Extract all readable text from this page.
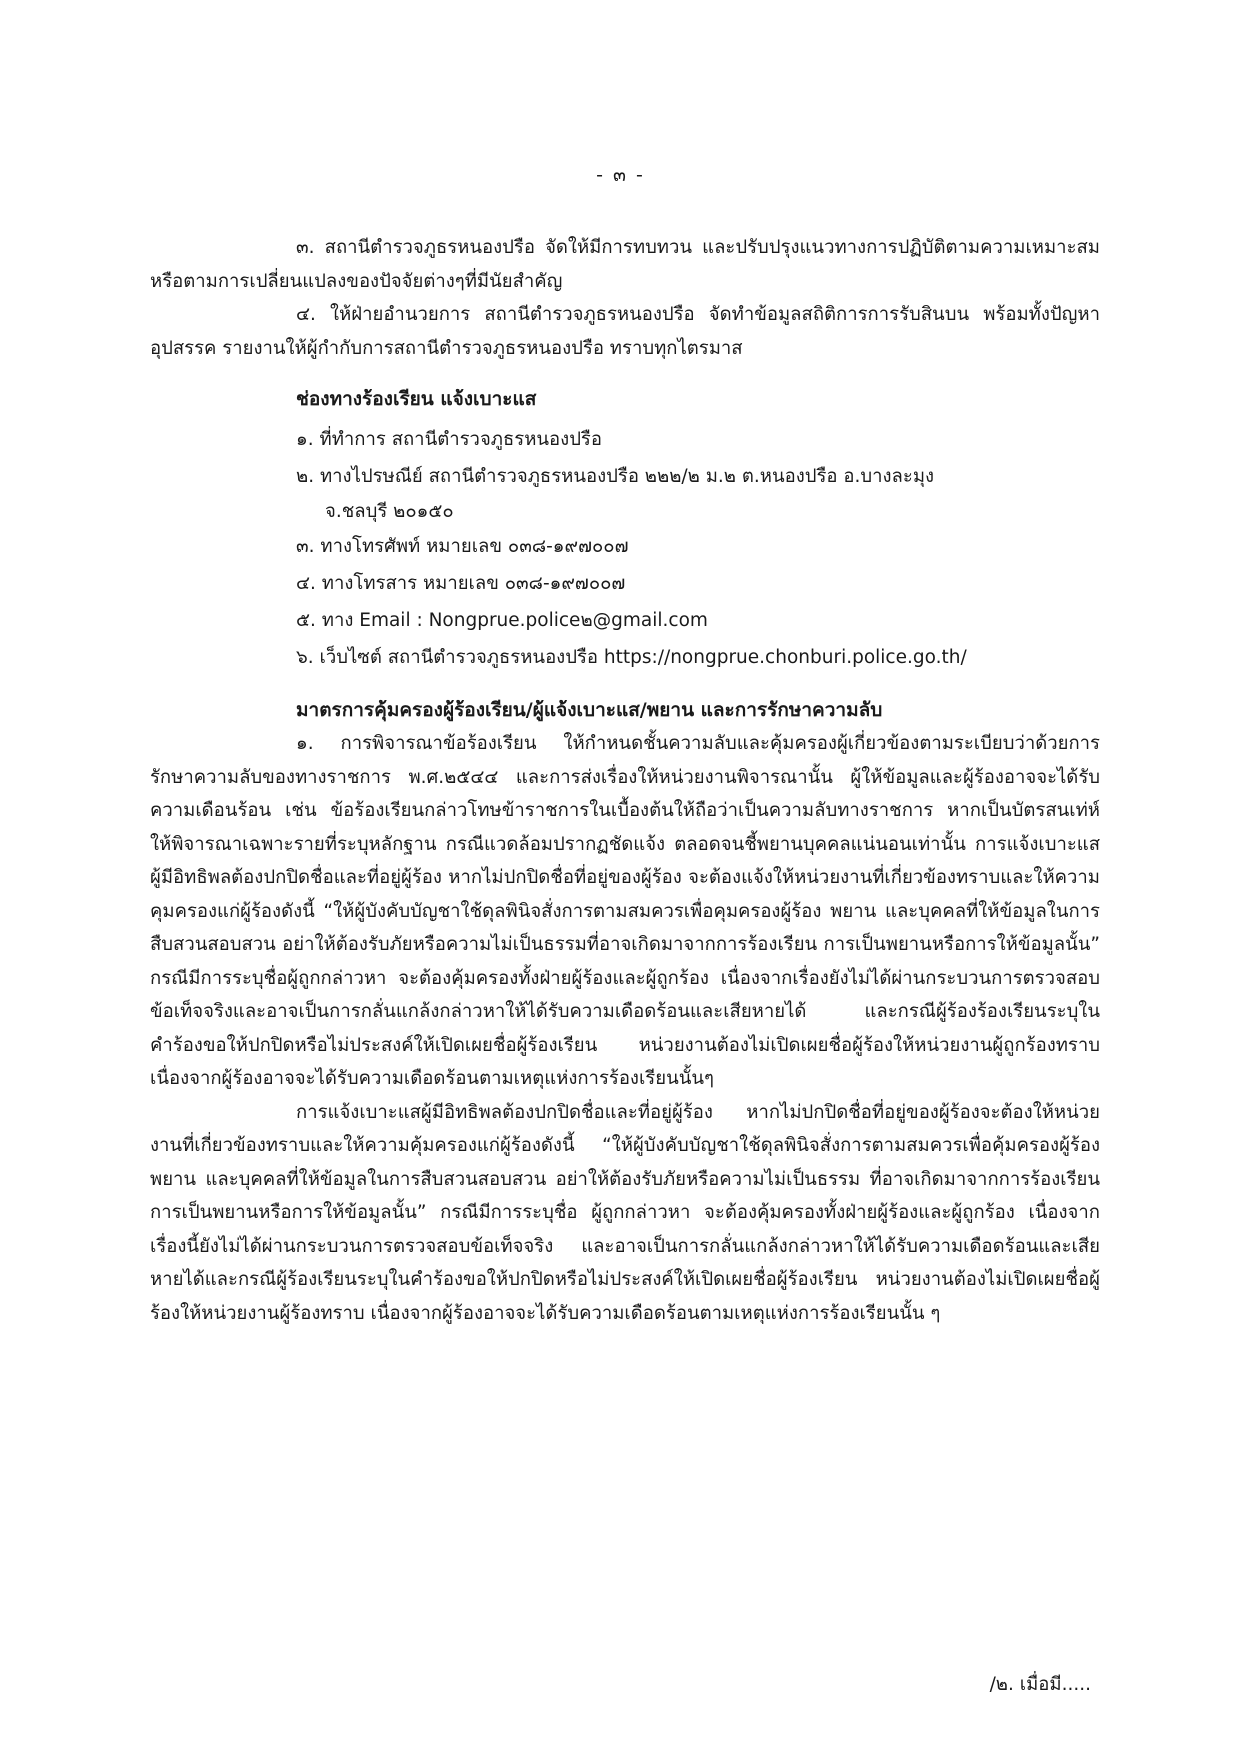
- ๓ -

๓. สถานีตำรวจภูธรหนองปรือ จัดให้มีการทบทวน และปรับปรุงแนวทางการปฏิบัติตามความเหมาะสมหรือตามการเปลี่ยนแปลงของปัจจัยต่างๆที่มีนัยสำคัญ

๔. ให้ฝ่ายอำนวยการ สถานีตำรวจภูธรหนองปรือ จัดทำข้อมูลสถิติการการรับสินบน พร้อมทั้งปัญหา อุปสรรค รายงานให้ผู้กำกับการสถานีตำรวจภูธรหนองปรือ ทราบทุกไตรมาส

ช่องทางร้องเรียน แจ้งเบาะแส

๑. ที่ทำการ สถานีตำรวจภูธรหนองปรือ
๒. ทางไปรษณีย์ สถานีตำรวจภูธรหนองปรือ ๒๒๒/๒ ม.๒ ต.หนองปรือ อ.บางละมุง
จ.ชลบุรี ๒๐๑๕๐
๓. ทางโทรศัพท์ หมายเลข ๐๓๘-๑๙๗๐๐๗
๔. ทางโทรสาร หมายเลข ๐๓๘-๑๙๗๐๐๗
๕. ทาง Email : Nongprue.police๒@gmail.com
๖. เว็บไซต์ สถานีตำรวจภูธรหนองปรือ https://nongprue.chonburi.police.go.th/

มาตรการคุ้มครองผู้ร้องเรียน/ผู้แจ้งเบาะแส/พยาน และการรักษาความลับ

๑. การพิจารณาข้อร้องเรียน ให้กำหนดชั้นความลับและคุ้มครองผู้เกี่ยวข้องตามระเบียบว่าด้วยการ รักษาความลับของทางราชการ พ.ศ.๒๕๔๔ และการส่งเรื่องให้หน่วยงานพิจารณานั้น ผู้ให้ข้อมูลและผู้ร้องอาจจะได้รับความเดือนร้อน เช่น ข้อร้องเรียนกล่าวโทษข้าราชการในเบื้องต้นให้ถือว่าเป็นความลับทางราชการ หากเป็นบัตรสนเท่ห์ ให้พิจารณาเฉพาะรายที่ระบุหลักฐาน กรณีแวดล้อมปรากฏชัดแจ้ง ตลอดจนชี้พยานบุคคลแน่นอนเท่านั้น การแจ้งเบาะแสผู้มีอิทธิพลต้องปกปิดชื่อและที่อยู่ผู้ร้อง หากไม่ปกปิดชื่อที่อยู่ของผู้ร้อง จะต้องแจ้งให้หน่วยงานที่เกี่ยวข้องทราบและให้ความคุมครองแก่ผู้ร้องดังนี้ “ให้ผู้บังคับบัญชาใช้ดุลพินิจสั่งการตามสมควรเพื่อคุมครองผู้ร้อง พยาน และบุคคลที่ให้ข้อมูลในการสืบสวนสอบสวน อย่าให้ต้องรับภัยหรือความไม่เป็นธรรมที่อาจเกิดมาจากการร้องเรียน การเป็นพยานหรือการให้ข้อมูลนั้น” กรณีมีการระบุชื่อผู้ถูกกล่าวหา จะต้องคุ้มครองทั้งฝ่ายผู้ร้องและผู้ถูกร้อง เนื่องจากเรื่องยังไม่ได้ผ่านกระบวนการตรวจสอบข้อเท็จจริงและอาจเป็นการกลั่นแกล้งกล่าวหาให้ได้รับความเดือดร้อนและเสียหายได้ และกรณีผู้ร้องร้องเรียนระบุในคำร้องขอให้ปกปิดหรือไม่ประสงค์ให้เปิดเผยชื่อผู้ร้องเรียน หน่วยงานต้องไม่เปิดเผยชื่อผู้ร้องให้หน่วยงานผู้ถูกร้องทราบ เนื่องจากผู้ร้องอาจจะได้รับความเดือดร้อนตามเหตุแห่งการร้องเรียนนั้นๆ

การแจ้งเบาะแสผู้มีอิทธิพลต้องปกปิดชื่อและที่อยู่ผู้ร้อง หากไม่ปกปิดชื่อที่อยู่ของผู้ร้องจะต้องให้หน่วยงานที่เกี่ยวข้องทราบและให้ความคุ้มครองแก่ผู้ร้องดังนี้ “ให้ผู้บังคับบัญชาใช้ดุลพินิจสั่งการตามสมควรเพื่อคุ้มครองผู้ร้อง พยาน และบุคคลที่ให้ข้อมูลในการสืบสวนสอบสวน อย่าให้ต้องรับภัยหรือความไม่เป็นธรรม ที่อาจเกิดมาจากการร้องเรียน การเป็นพยานหรือการให้ข้อมูลนั้น” กรณีมีการระบุชื่อ ผู้ถูกกล่าวหา จะต้องคุ้มครองทั้งฝ่ายผู้ร้องและผู้ถูกร้อง เนื่องจากเรื่องนี้ยังไม่ได้ผ่านกระบวนการตรวจสอบข้อเท็จจริง และอาจเป็นการกลั่นแกล้งกล่าวหาให้ได้รับความเดือดร้อนและเสียหายได้และกรณีผู้ร้องเรียนระบุในคำร้องขอให้ปกปิดหรือไม่ประสงค์ให้เปิดเผยชื่อผู้ร้องเรียน หน่วยงานต้องไม่เปิดเผยชื่อผู้ร้องให้หน่วยงานผู้ร้องทราบ เนื่องจากผู้ร้องอาจจะได้รับความเดือดร้อนตามเหตุแห่งการร้องเรียนนั้น ๆ

/๒. เมื่อมี.....
